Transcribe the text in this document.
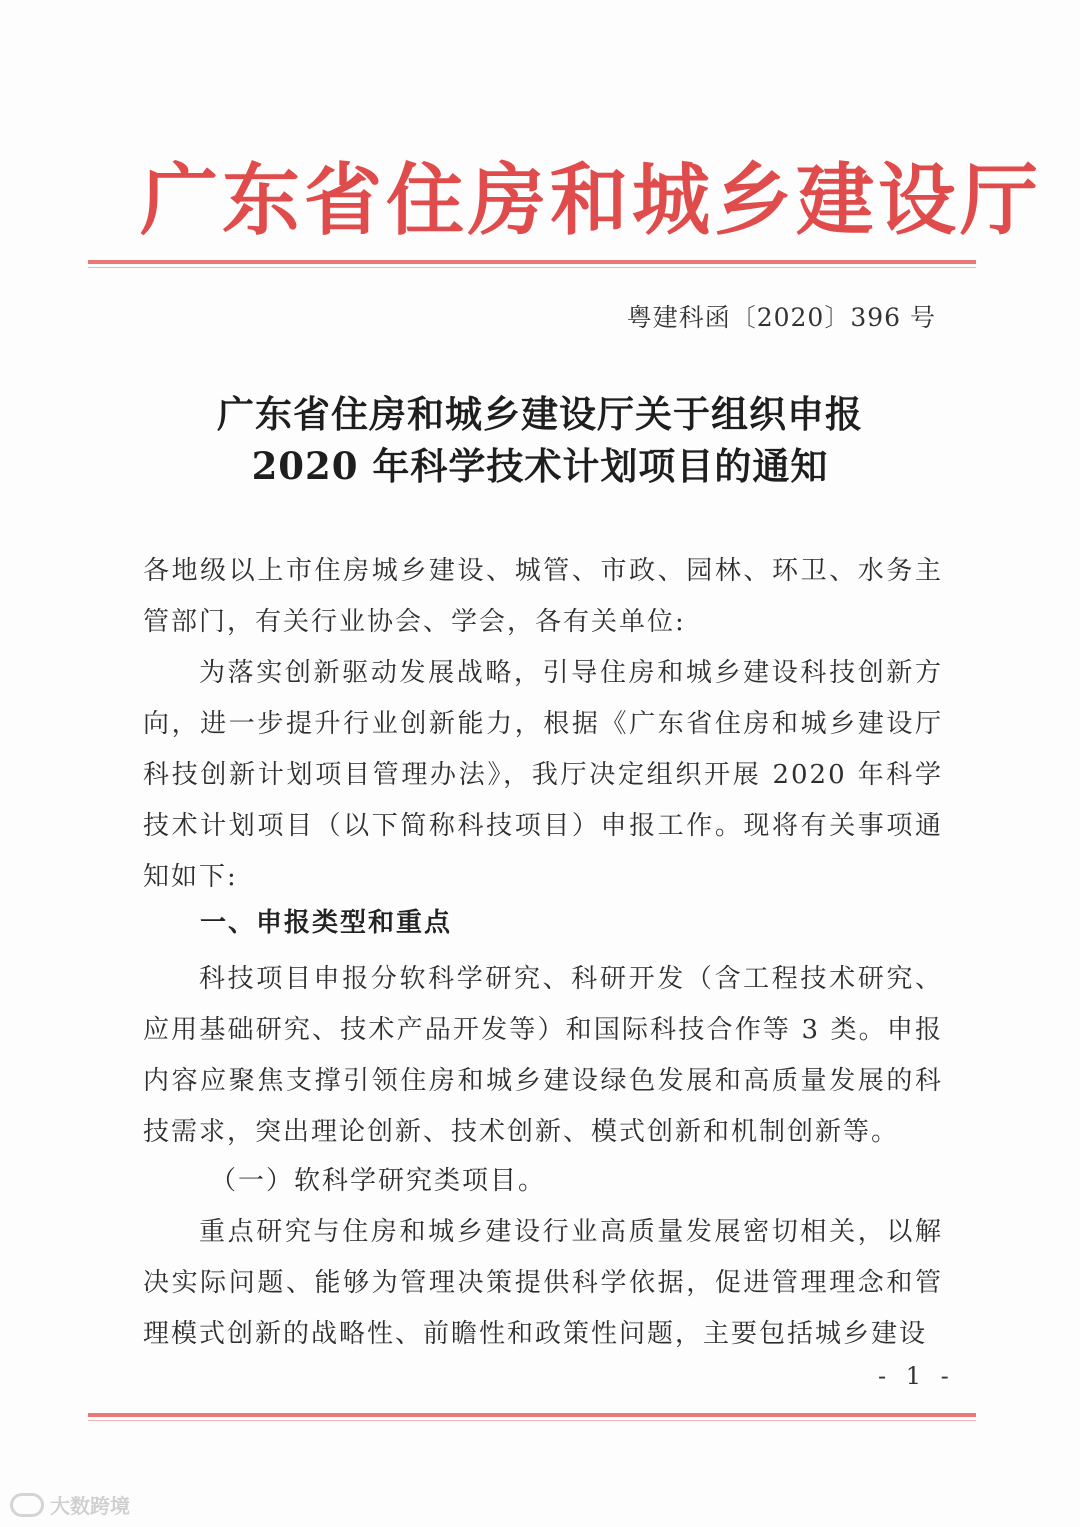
广东省住房和城乡建设厅
粤建科函〔2020〕396 号
广东省住房和城乡建设厅关于组织申报
2020 年科学技术计划项目的通知
各地级以上市住房城乡建设、城管、市政、园林、环卫、水务主管部门，有关行业协会、学会，各有关单位:
为落实创新驱动发展战略，引导住房和城乡建设科技创新方向，进一步提升行业创新能力，根据《广东省住房和城乡建设厅科技创新计划项目管理办法》，我厅决定组织开展 2020 年科学技术计划项目（以下简称科技项目）申报工作。现将有关事项通知如下:
一、申报类型和重点
科技项目申报分软科学研究、科研开发（含工程技术研究、应用基础研究、技术产品开发等）和国际科技合作等 3 类。申报内容应聚焦支撑引领住房和城乡建设绿色发展和高质量发展的科技需求，突出理论创新、技术创新、模式创新和机制创新等。
（一）软科学研究类项目。
重点研究与住房和城乡建设行业高质量发展密切相关，以解决实际问题、能够为管理决策提供科学依据，促进管理理念和管理模式创新的战略性、前瞻性和政策性问题，主要包括城乡建设
- 1 -
大数跨境
